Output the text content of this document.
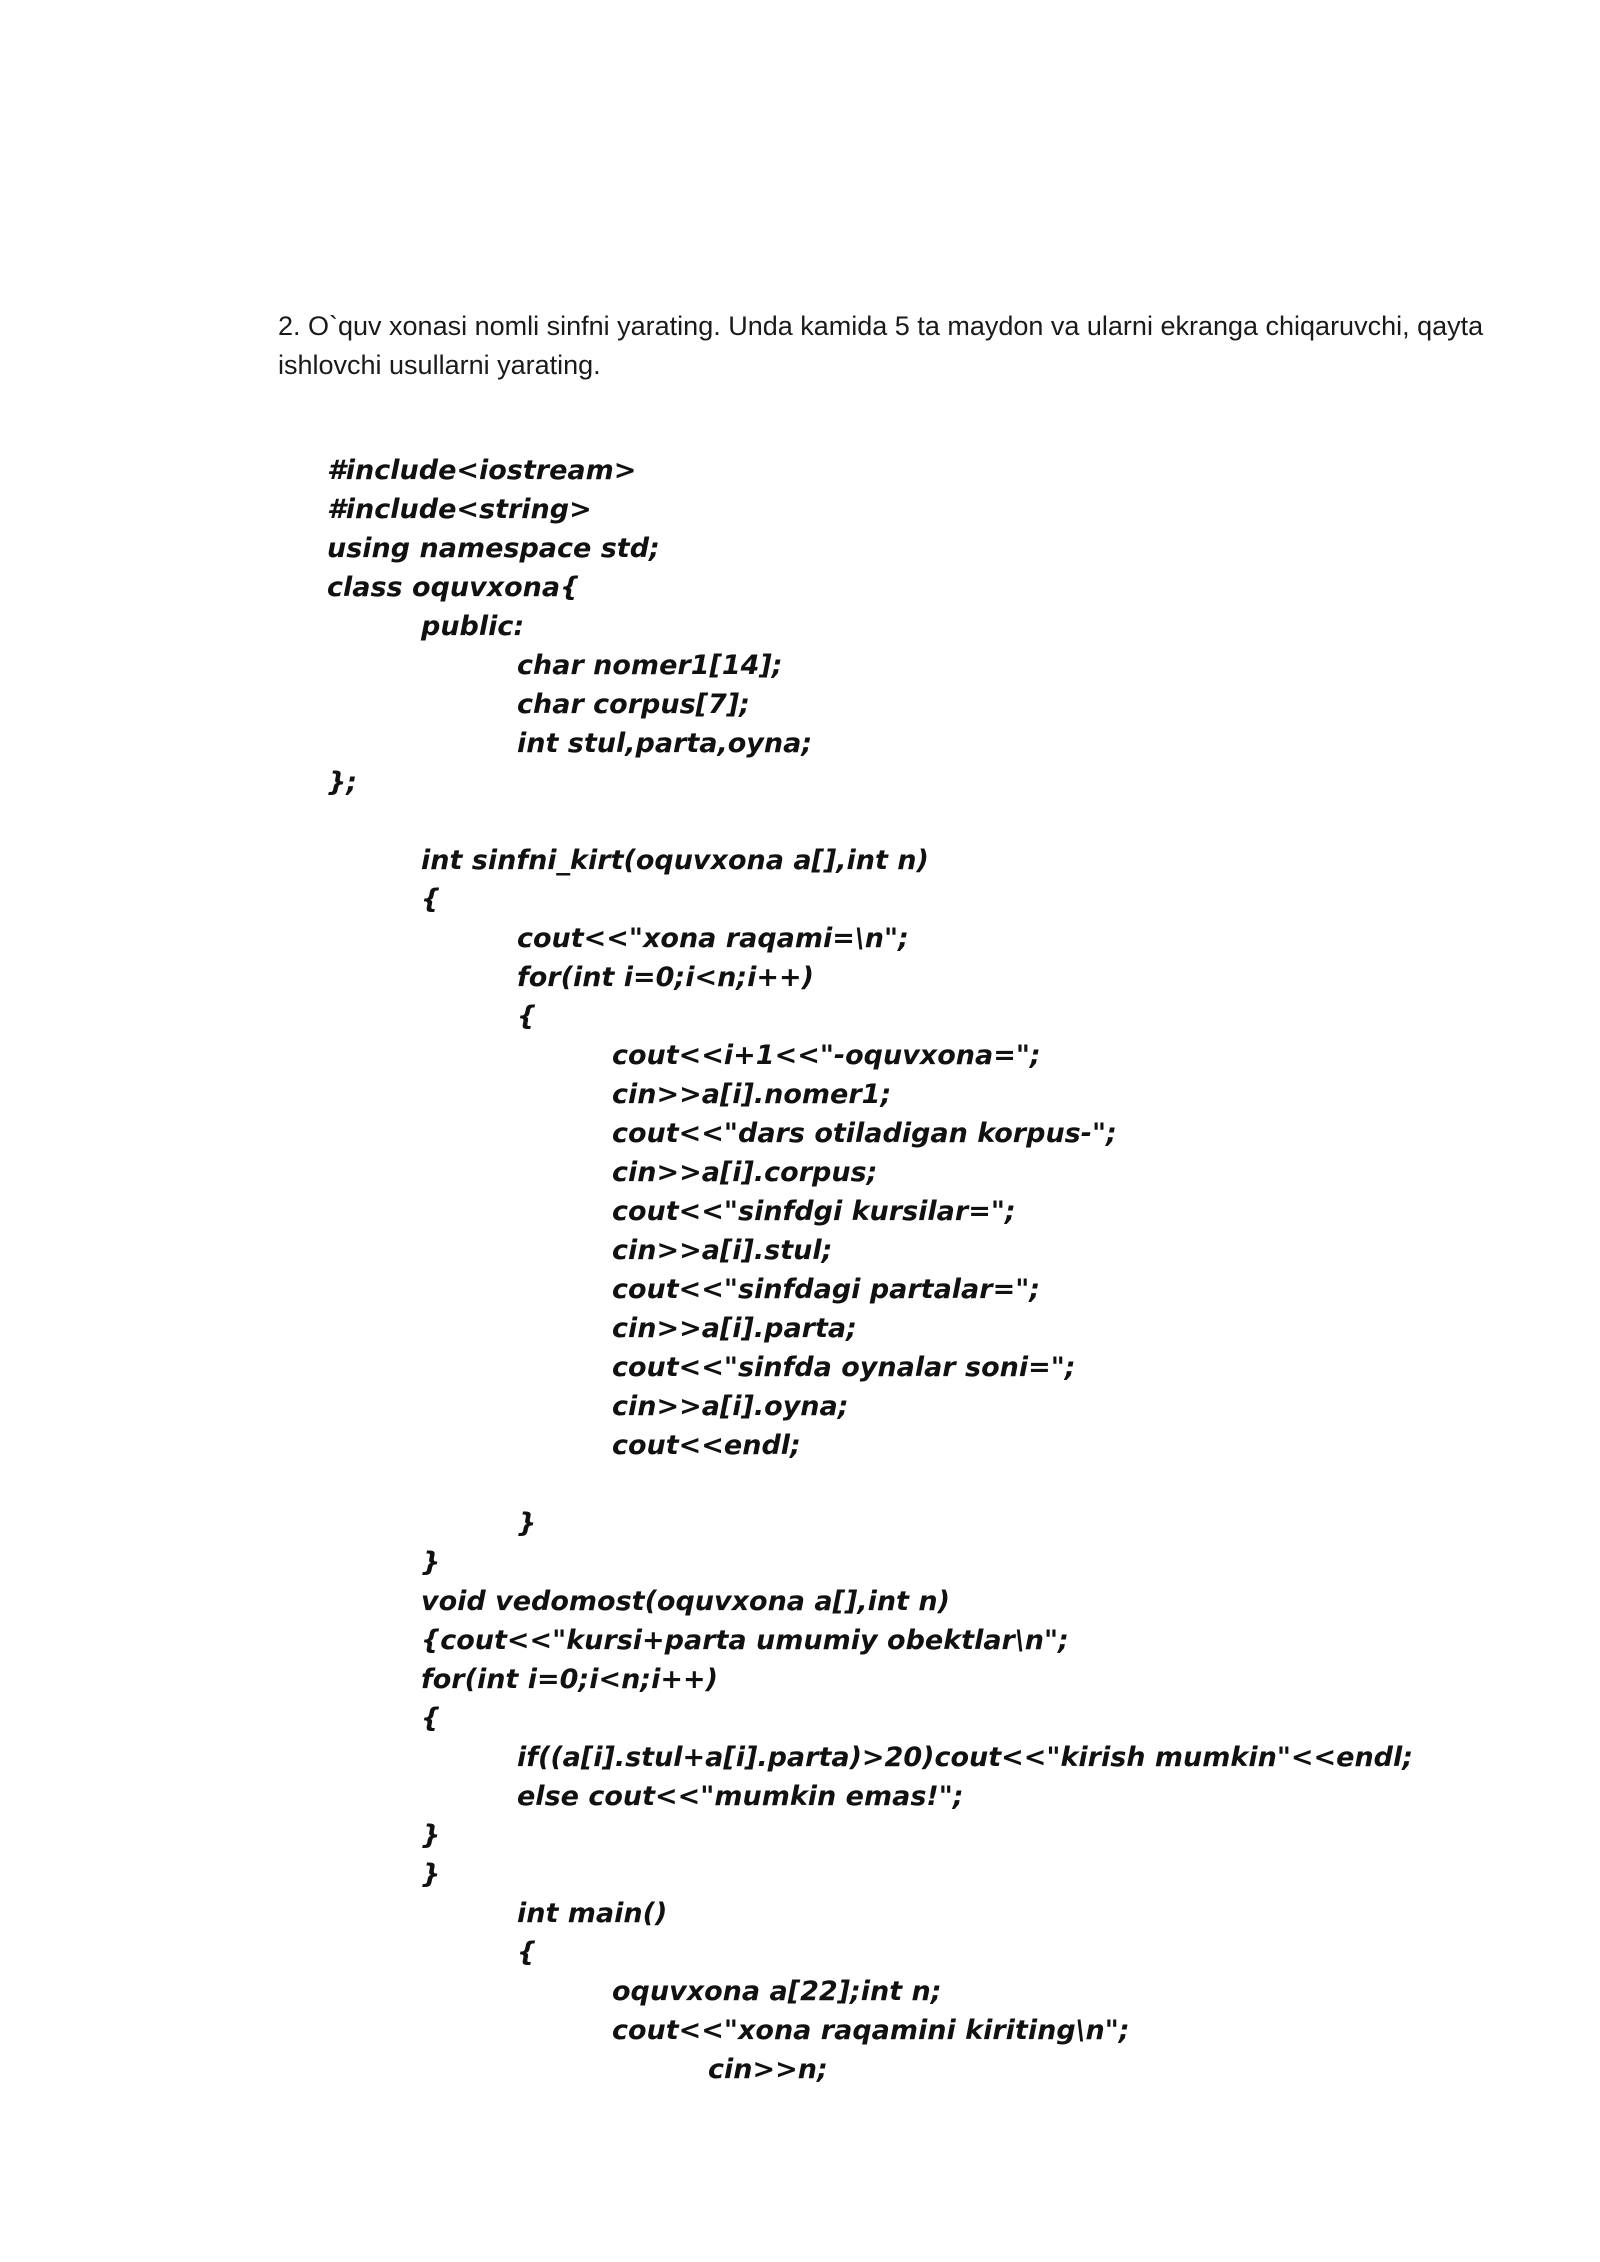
2. O`quv xonasi nomli sinfni yarating. Unda kamida 5 ta maydon va ularni ekranga chiqaruvchi, qayta ishlovchi usullarni yarating.

#include<iostream>

#include<string>

using namespace std;

class oquvxona{

public:

char nomer1[14];

char corpus[7];

int stul,parta,oyna;

};

int sinfni_kirt(oquvxona a[],int n)

{

cout<<"xona raqami=\n";

for(int i=0;i<n;i++)

{

cout<<i+1<<"-oquvxona=";

cin>>a[i].nomer1;

cout<<"dars otiladigan korpus-";

cin>>a[i].corpus;

cout<<"sinfdgi kursilar=";

cin>>a[i].stul;

cout<<"sinfdagi partalar=";

cin>>a[i].parta;

cout<<"sinfda oynalar soni=";

cin>>a[i].oyna;

cout<<endl;

}

}

void vedomost(oquvxona a[],int n)

{cout<<"kursi+parta umumiy obektlar\n";

for(int i=0;i<n;i++)

{

if((a[i].stul+a[i].parta)>20)cout<<"kirish mumkin"<<endl;

else cout<<"mumkin emas!";

}

}

int main()

{

oquvxona a[22];int n;

cout<<"xona raqamini kiriting\n";

cin>>n;
